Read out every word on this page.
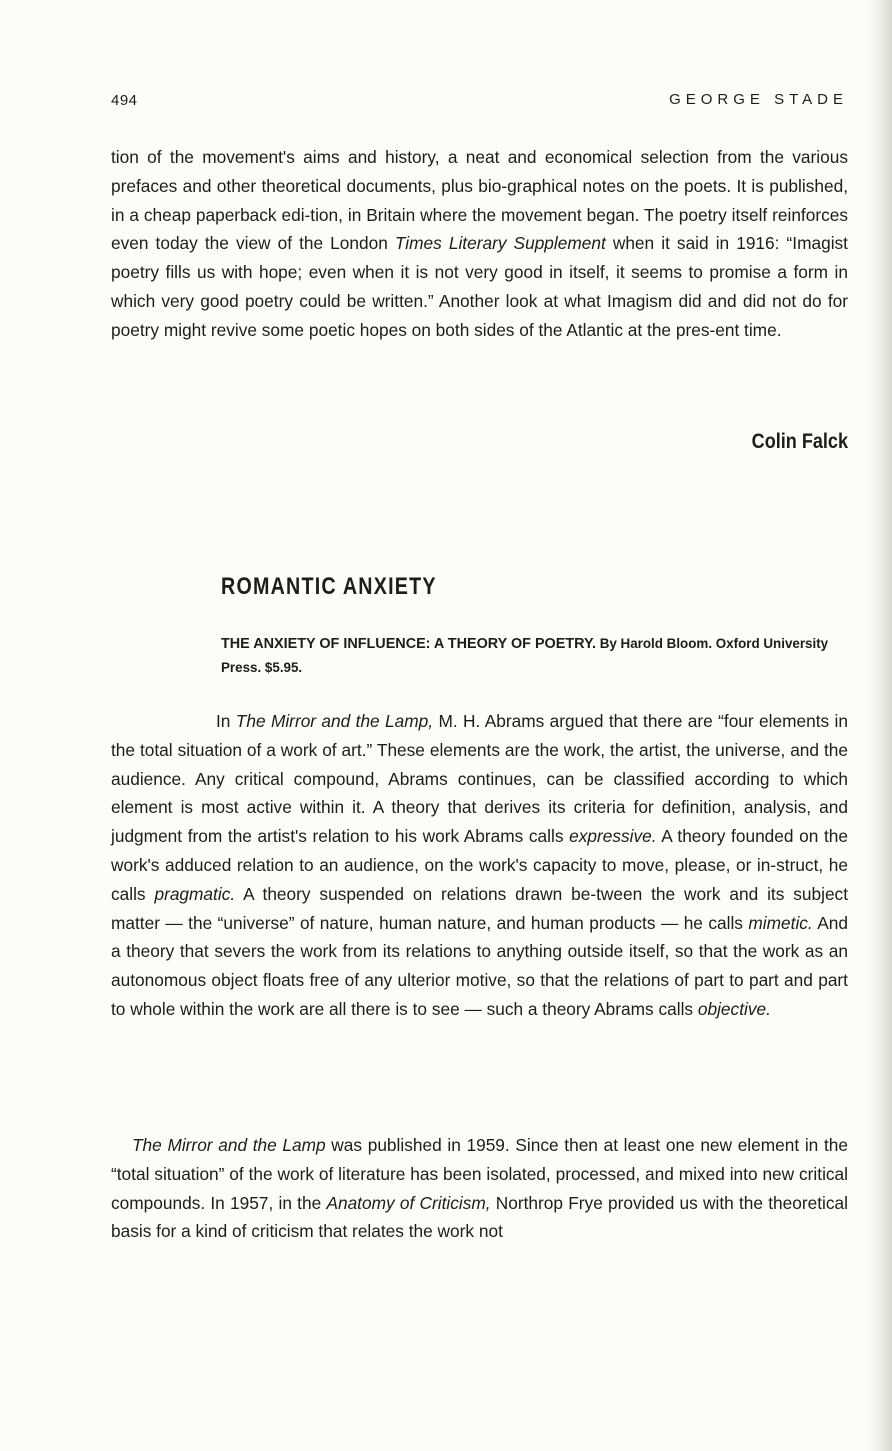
494	GEORGE STADE

tion of the movement's aims and history, a neat and economical selection from the various prefaces and other theoretical documents, plus bio-graphical notes on the poets. It is published, in a cheap paperback edi-tion, in Britain where the movement began. The poetry itself reinforces even today the view of the London Times Literary Supplement when it said in 1916: “Imagist poetry fills us with hope; even when it is not very good in itself, it seems to promise a form in which very good poetry could be written.” Another look at what Imagism did and did not do for poetry might revive some poetic hopes on both sides of the Atlantic at the pres-ent time.

Colin Falck
ROMANTIC ANXIETY

THE ANXIETY OF INFLUENCE: A THEORY OF POETRY. By Harold Bloom. Oxford University Press. $5.95.

In The Mirror and the Lamp, M. H. Abrams argued that there are “four elements in the total situation of a work of art.” These elements are the work, the artist, the universe, and the audience. Any critical compound, Abrams continues, can be classified according to which element is most active within it. A theory that derives its criteria for definition, analysis, and judgment from the artist's relation to his work Abrams calls expressive. A theory founded on the work's adduced relation to an audience, on the work's capacity to move, please, or in-struct, he calls pragmatic. A theory suspended on relations drawn be-tween the work and its subject matter — the “universe” of nature, human nature, and human products — he calls mimetic. And a theory that severs the work from its relations to anything outside itself, so that the work as an autonomous object floats free of any ulterior motive, so that the relations of part to part and part to whole within the work are all there is to see — such a theory Abrams calls objective.

The Mirror and the Lamp was published in 1959. Since then at least one new element in the “total situation” of the work of literature has been isolated, processed, and mixed into new critical compounds. In 1957, in the Anatomy of Criticism, Northrop Frye provided us with the theoretical basis for a kind of criticism that relates the work not
